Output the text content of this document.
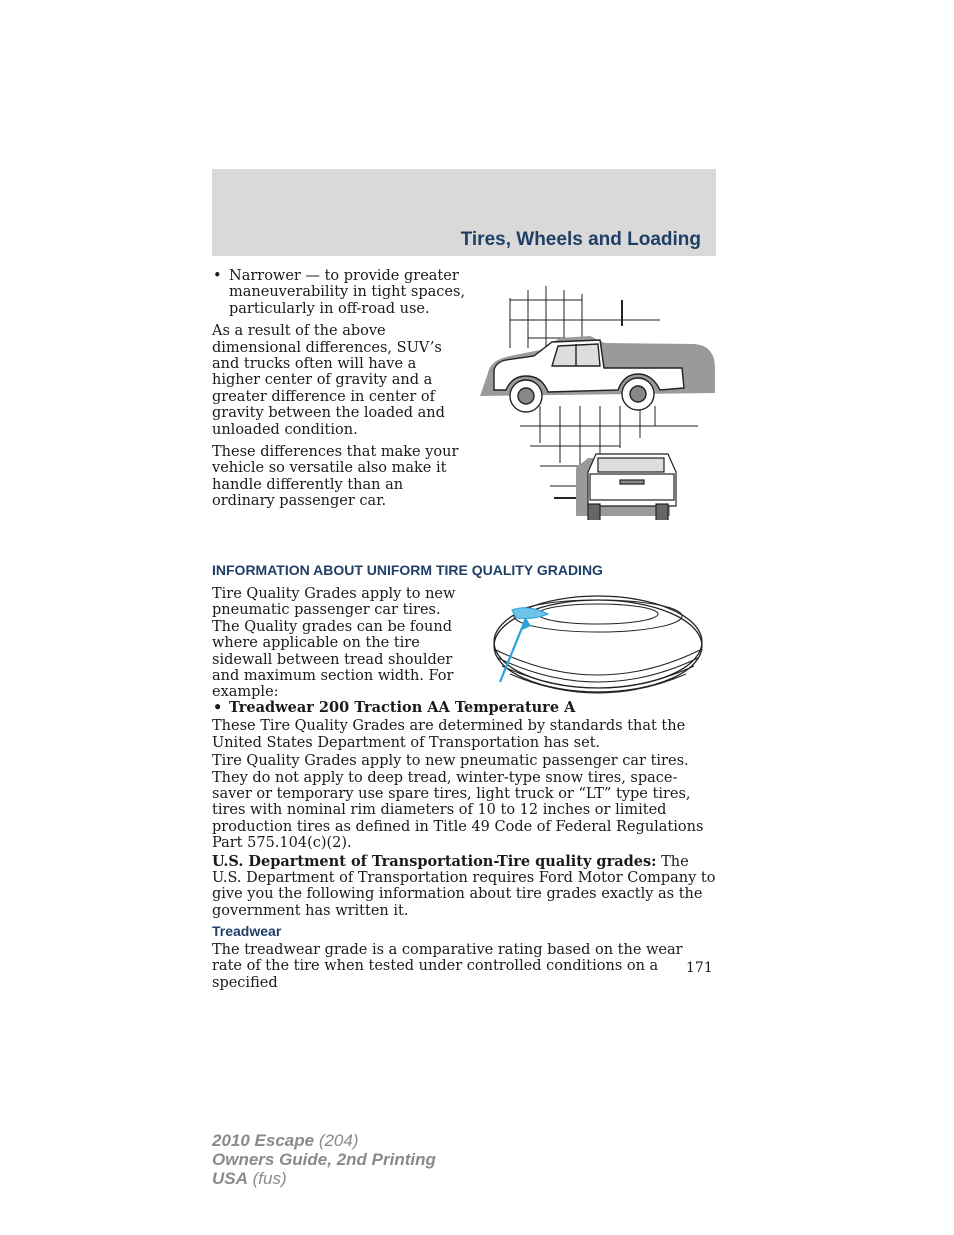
Tires, Wheels and Loading

• Narrower — to provide greater maneuverability in tight spaces, particularly in off-road use.

As a result of the above dimensional differences, SUV’s and trucks often will have a higher center of gravity and a greater difference in center of gravity between the loaded and unloaded condition.

These differences that make your vehicle so versatile also make it handle differently than an ordinary passenger car.

INFORMATION ABOUT UNIFORM TIRE QUALITY GRADING

Tire Quality Grades apply to new pneumatic passenger car tires. The Quality grades can be found where applicable on the tire sidewall between tread shoulder and maximum section width. For example:

• Treadwear 200 Traction AA Temperature A

These Tire Quality Grades are determined by standards that the United States Department of Transportation has set.

Tire Quality Grades apply to new pneumatic passenger car tires. They do not apply to deep tread, winter-type snow tires, space-saver or temporary use spare tires, light truck or “LT” type tires, tires with nominal rim diameters of 10 to 12 inches or limited production tires as defined in Title 49 Code of Federal Regulations Part 575.104(c)(2).

U.S. Department of Transportation-Tire quality grades: The U.S. Department of Transportation requires Ford Motor Company to give you the following information about tire grades exactly as the government has written it.

Treadwear

The treadwear grade is a comparative rating based on the wear rate of the tire when tested under controlled conditions on a specified

171
2010 Escape (204)
Owners Guide, 2nd Printing
USA (fus)
